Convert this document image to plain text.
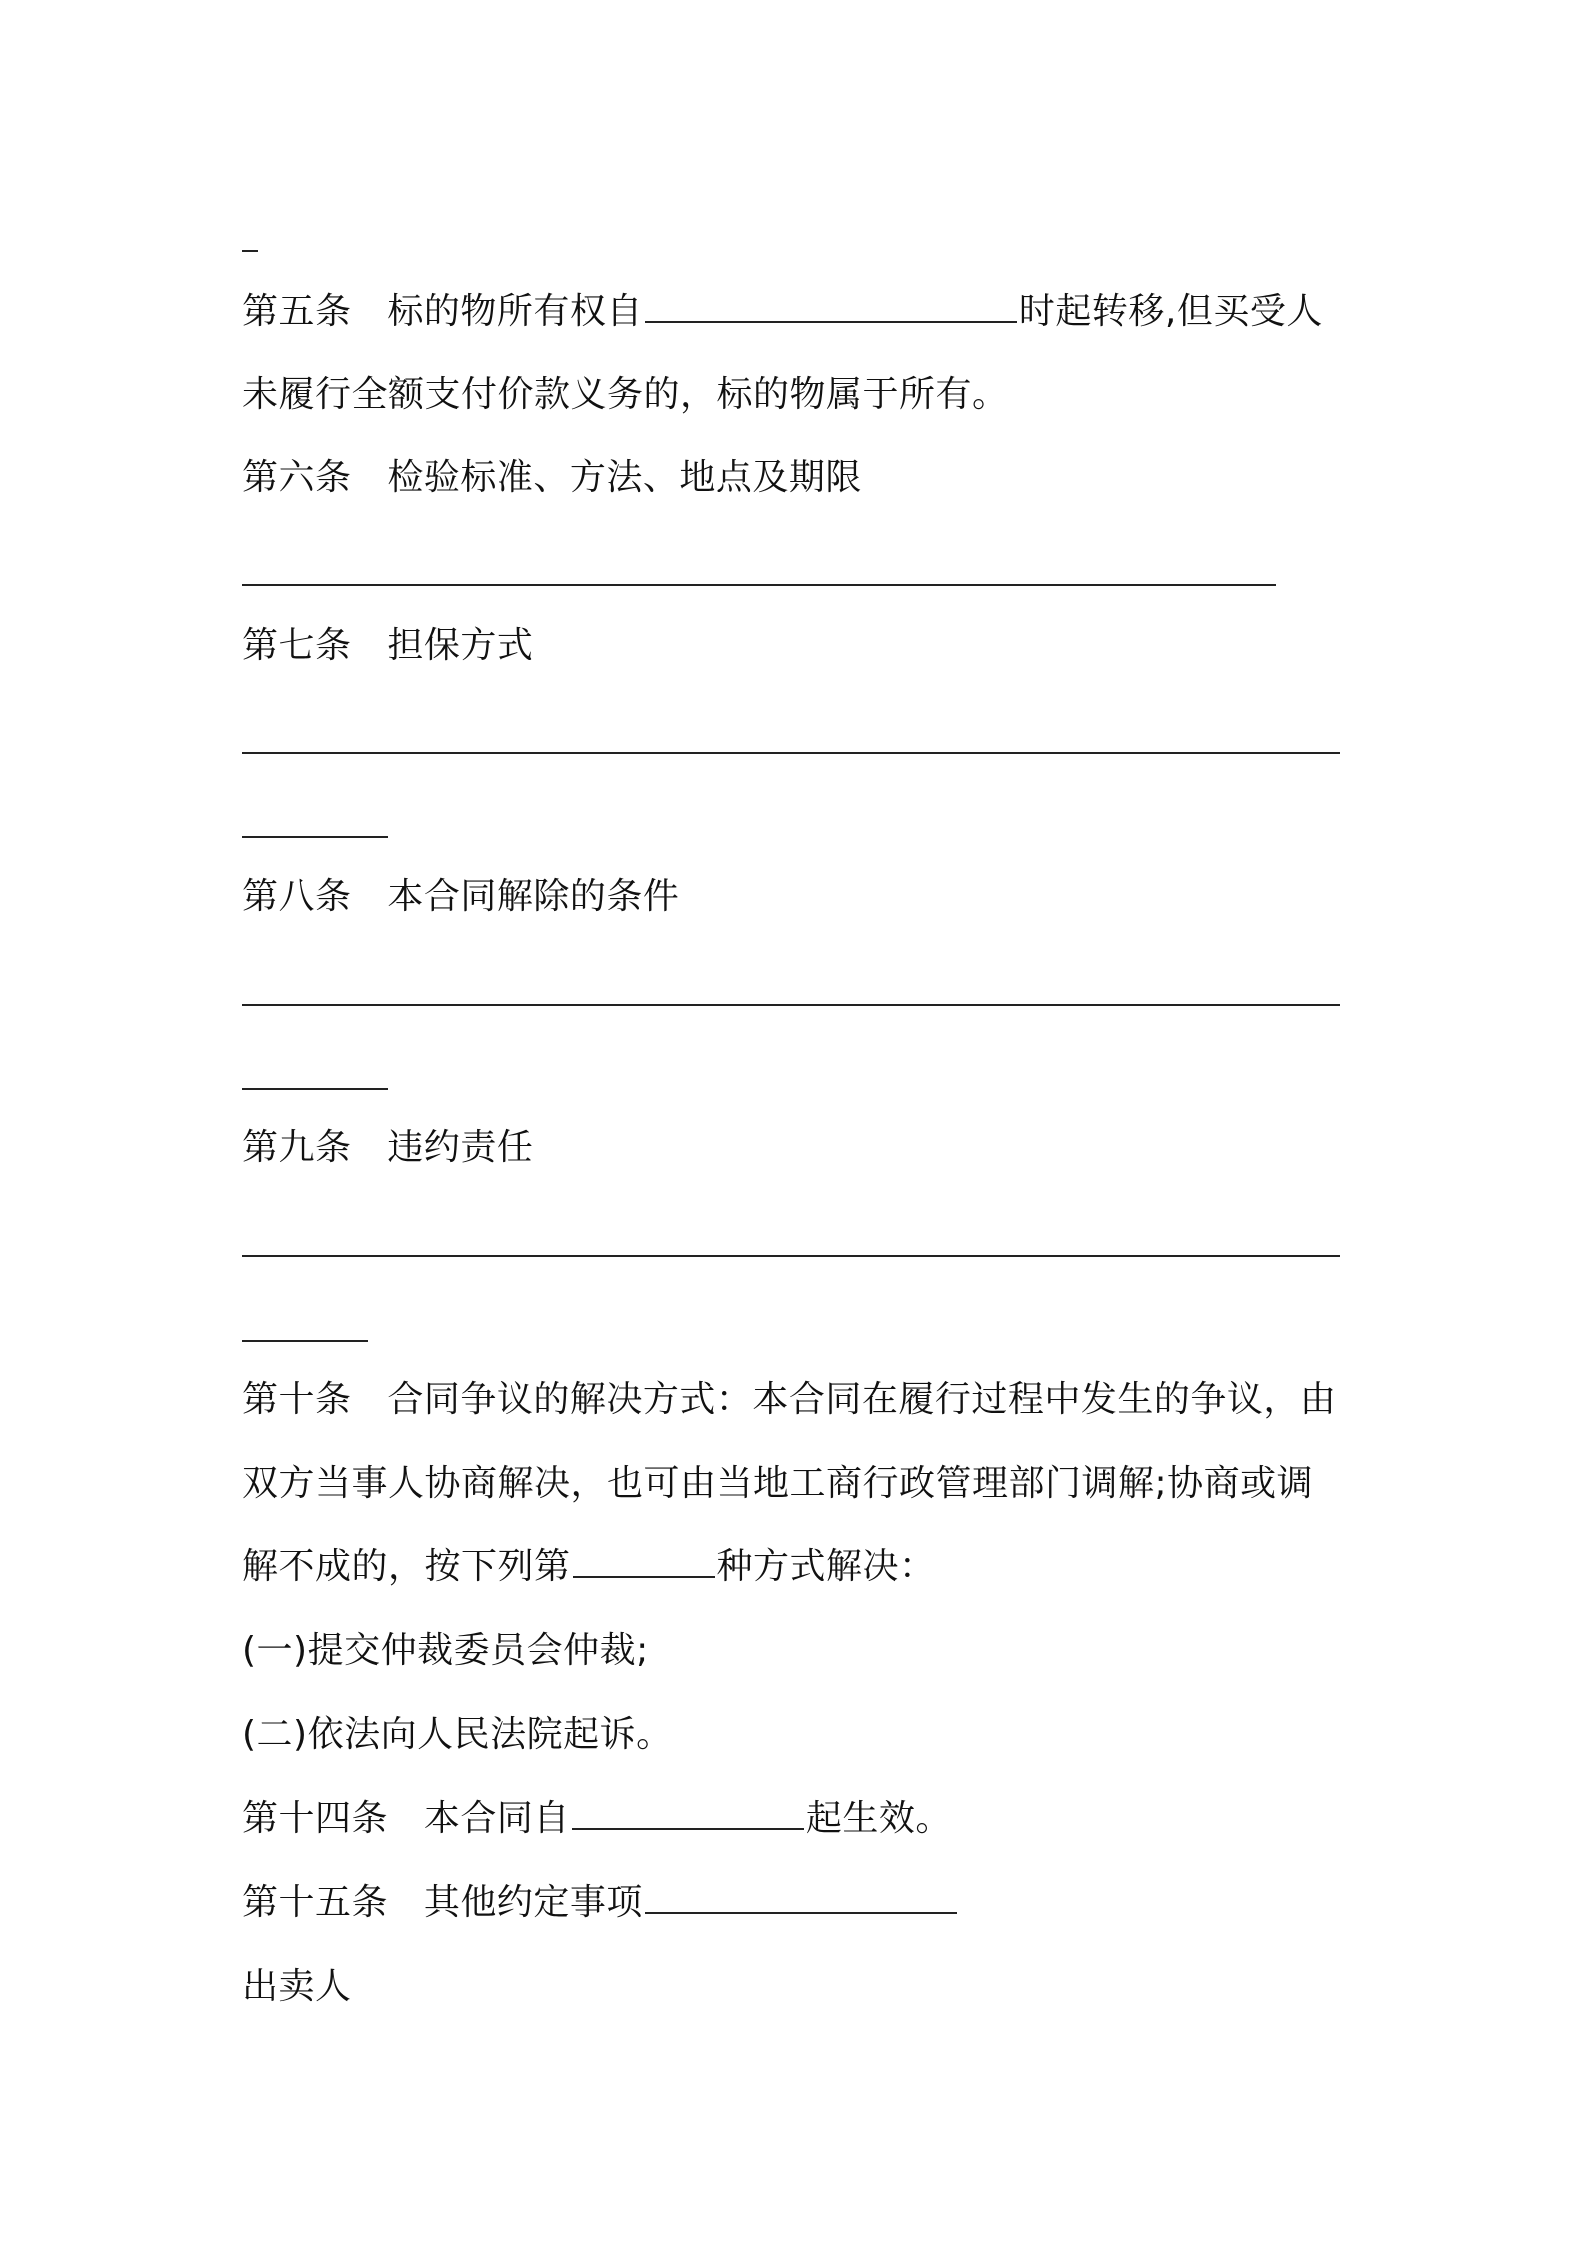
第五条 标的物所有权自	时起转移,但买受人
未履行全额支付价款义务的，标的物属于所有。
第六条 检验标准、方法、地点及期限
第七条 担保方式
第八条 本合同解除的条件
第九条 违约责任
第十条 合同争议的解决方式：本合同在履行过程中发生的争议，由
双方当事人协商解决，也可由当地工商行政管理部门调解;协商或调
解不成的，按下列第	种方式解决：
(一)提交仲裁委员会仲裁;
(二)依法向人民法院起诉。
第十四条 本合同自	起生效。
第十五条 其他约定事项
出卖人
